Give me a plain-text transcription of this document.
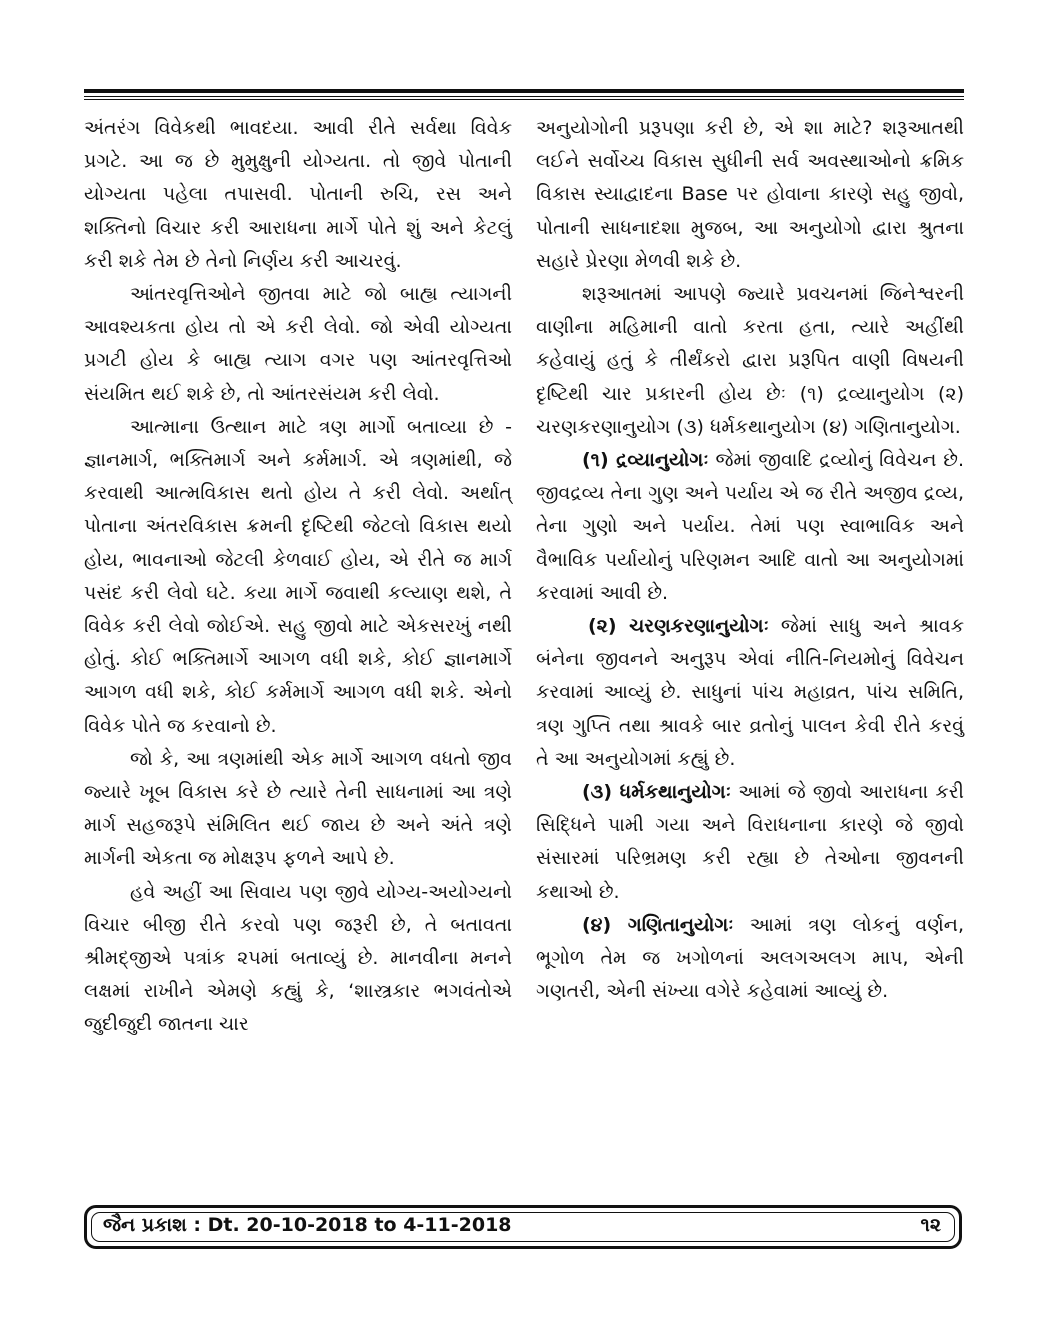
અંતરંગ વિવેકથી ભાવદયા. આવી રીતે સર્વથા વિવેક પ્રગટે. આ જ છે મુમુક્ષુની યોગ્યતા. તો જીવે પોતાની યોગ્યતા પહેલા તપાસવી. પોતાની રુચિ, રસ અને શક્તિનો વિચાર કરી આરાધના માર્ગે પોતે શું અને કેટલું કરી શકે તેમ છે તેનો નિર્ણય કરી આચરવું.

આંતરવૃત્તિઓને જીતવા માટે જો બાહ્ય ત્યાગની આવશ્યકતા હોય તો એ કરી લેવો. જો એવી યોગ્યતા પ્રગટી હોય કે બાહ્ય ત્યાગ વગર પણ આંતરવૃત્તિઓ સંયમિત થઈ શકે છે, તો આંતરસંયમ કરી લેવો.

આત્માના ઉત્થાન માટે ત્રણ માર્ગો બતાવ્યા છે - જ્ઞાનમાર્ગ, ભક્તિમાર્ગ અને કર્મમાર્ગ. એ ત્રણમાંથી, જે કરવાથી આત્મવિકાસ થતો હોય તે કરી લેવો. અર્થાત્ પોતાના અંતરવિકાસ ક્રમની દૃષ્ટિથી જેટલો વિકાસ થયો હોય, ભાવનાઓ જેટલી કેળવાઈ હોય, એ રીતે જ માર્ગ પસંદ કરી લેવો ઘટે. કયા માર્ગે જવાથી કલ્યાણ થશે, તે વિવેક કરી લેવો જોઈએ. સહુ જીવો માટે એકસરખું નથી હોતું. કોઈ ભક્તિમાર્ગે આગળ વધી શકે, કોઈ જ્ઞાનમાર્ગે આગળ વધી શકે, કોઈ કર્મમાર્ગે આગળ વધી શકે. એનો વિવેક પોતે જ કરવાનો છે.

જો કે, આ ત્રણમાંથી એક માર્ગે આગળ વધતો જીવ જ્યારે ખૂબ વિકાસ કરે છે ત્યારે તેની સાધનામાં આ ત્રણે માર્ગ સહજરૂપે સંમિલિત થઈ જાય છે અને અંતે ત્રણે માર્ગની એકતા જ મોક્ષરૂપ ફળને આપે છે.

હવે અહીં આ સિવાય પણ જીવે યોગ્ય-અયોગ્યનો વિચાર બીજી રીતે કરવો પણ જરૂરી છે, તે બતાવતા શ્રીમદ્જીએ પત્રાંક ૨૫માં બતાવ્યું છે. માનવીના મનને લક્ષમાં રાખીને એમણે કહ્યું કે, ‘શાસ્ત્રકાર ભગવંતોએ જુદીજુદી જાતના ચાર

અનુયોગોની પ્રરૂપણા કરી છે, એ શા માટે? શરૂઆતથી લઈને સર્વોચ્ચ વિકાસ સુધીની સર્વ અવસ્થાઓનો ક્રમિક વિકાસ સ્યાદ્વાદના Base પર હોવાના કારણે સહુ જીવો, પોતાની સાધનાદશા મુજબ, આ અનુયોગો દ્વારા શ્રુતના સહારે પ્રેરણા મેળવી શકે છે.

શરૂઆતમાં આપણે જ્યારે પ્રવચનમાં જિનેશ્વરની વાણીના મહિમાની વાતો કરતા હતા, ત્યારે અહીંથી કહેવાયું હતું કે તીર્થંકરો દ્વારા પ્રરૂપિત વાણી વિષયની દૃષ્ટિથી ચાર પ્રકારની હોય છેઃ (૧) દ્રવ્યાનુયોગ (૨) ચરણકરણાનુયોગ (૩) ધર્મકથાનુયોગ (૪) ગણિતાનુયોગ.

(૧) દ્રવ્યાનુયોગઃ જેમાં જીવાદિ દ્રવ્યોનું વિવેચન છે. જીવદ્રવ્ય તેના ગુણ અને પર્યાય એ જ રીતે અજીવ દ્રવ્ય, તેના ગુણો અને પર્યાય. તેમાં પણ સ્વાભાવિક અને વૈભાવિક પર્યાયોનું પરિણમન આદિ વાતો આ અનુયોગમાં કરવામાં આવી છે.

(૨) ચરણકરણાનુયોગઃ જેમાં સાધુ અને શ્રાવક બંનેના જીવનને અનુરૂપ એવાં નીતિ-નિયમોનું વિવેચન કરવામાં આવ્યું છે. સાધુનાં પાંચ મહાવ્રત, પાંચ સમિતિ, ત્રણ ગુપ્તિ તથા શ્રાવકે બાર વ્રતોનું પાલન કેવી રીતે કરવું તે આ અનુયોગમાં કહ્યું છે.

(૩) ધર્મકથાનુયોગઃ આમાં જે જીવો આરાધના કરી સિદ્ધિને પામી ગયા અને વિરાધનાના કારણે જે જીવો સંસારમાં પરિભ્રમણ કરી રહ્યા છે તેઓના જીવનની કથાઓ છે.

(૪) ગણિતાનુયોગઃ આમાં ત્રણ લોકનું વર્ણન, ભૂગોળ તેમ જ ખગોળનાં અલગઅલગ માપ, એની ગણતરી, એની સંખ્યા વગેરે કહેવામાં આવ્યું છે.

જૈન પ્રકાશ : Dt. 20-10-2018 to 4-11-2018	૧૨
